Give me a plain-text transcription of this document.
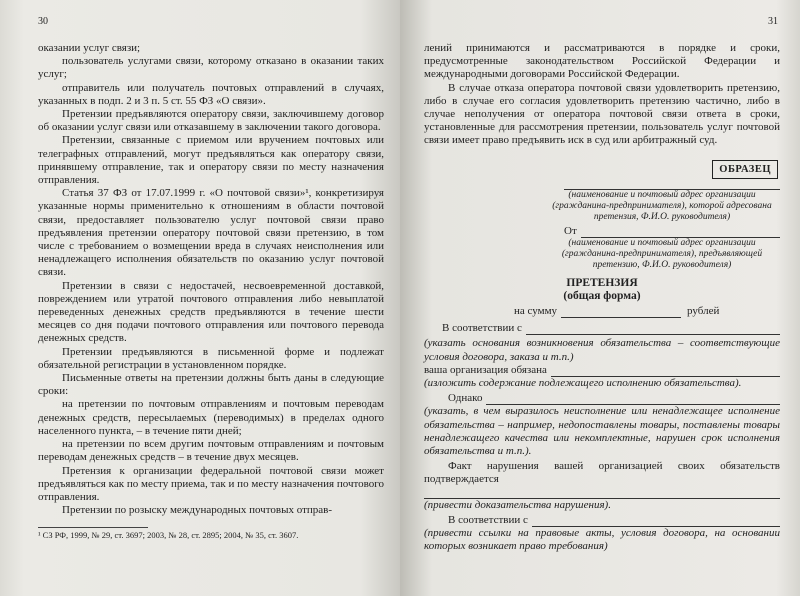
30

оказании услуг связи;

пользователь услугами связи, которому отказано в оказании таких услуг;

отправитель или получатель почтовых отправлений в случаях, указанных в подп. 2 и 3 п. 5 ст. 55 ФЗ «О связи».

Претензии предъявляются оператору связи, заключившему договор об оказании услуг связи или отказавшему в заключении такого договора.

Претензии, связанные с приемом или вручением почтовых или телеграфных отправлений, могут предъявляться как оператору связи, принявшему отправление, так и оператору связи по месту назначения отправления.

Статья 37 ФЗ от 17.07.1999 г. «О почтовой связи»¹, конкретизируя указанные нормы применительно к отношениям в области почтовой связи, предоставляет пользователю услуг почтовой связи право предъявления претензии оператору почтовой связи претензию, в том числе с требованием о возмещении вреда в случаях неисполнения или ненадлежащего исполнения обязательств по оказанию услуг почтовой связи.

Претензии в связи с недостачей, несвоевременной доставкой, повреждением или утратой почтового отправления либо невыплатой переведенных денежных средств предъявляются в течение шести месяцев со дня подачи почтового отправления или почтового перевода денежных средств.

Претензии предъявляются в письменной форме и подлежат обязательной регистрации в установленном порядке.

Письменные ответы на претензии должны быть даны в следующие сроки:

на претензии по почтовым отправлениям и почтовым переводам денежных средств, пересылаемых (переводимых) в пределах одного населенного пункта, – в течение пяти дней;

на претензии по всем другим почтовым отправлениям и почтовым переводам денежных средств – в течение двух месяцев.

Претензия к организации федеральной почтовой связи может предъявляться как по месту приема, так и по месту назначения почтового отправления.

Претензии по розыску международных почтовых отправ-

¹ СЗ РФ, 1999, № 29, ст. 3697; 2003, № 28, ст. 2895; 2004, № 35, ст. 3607.
31

лений принимаются и рассматриваются в порядке и сроки, предусмотренные законодательством Российской Федерации и международными договорами Российской Федерации.

В случае отказа оператора почтовой связи удовлетворить претензию, либо в случае его согласия удовлетворить претензию частично, либо в случае неполучения от оператора почтовой связи ответа в сроки, установленные для рассмотрения претензии, пользователь услуг почтовой связи имеет право предъявить иск в суд или арбитражный суд.

ОБРАЗЕЦ
(наименование и почтовый адрес организации (гражданина-предпринимателя), которой адресована претензия, Ф.И.О. руководителя)
От
(наименование и почтовый адрес организации (гражданина-предпринимателя), предъявляющей претензию, Ф.И.О. руководителя)
ПРЕТЕНЗИЯ
(общая форма)
на сумму	рублей
В соответствии с

(указать основания возникновения обязательства – соответствующие условия договора, заказа и т.п.)

ваша организация обязана

(изложить содержание подлежащего исполнению обязательства).

Однако

(указать, в чем выразилось неисполнение или ненадлежащее исполнение обязательства – например, недопоставлены товары, поставлены товары ненадлежащего качества или некомплектные, нарушен срок исполнения обязательства и т.п.).

Факт нарушения вашей организацией своих обязательств подтверждается

(привести доказательства нарушения).

В соответствии с

(привести ссылки на правовые акты, условия договора, на основании которых возникает право требования)
